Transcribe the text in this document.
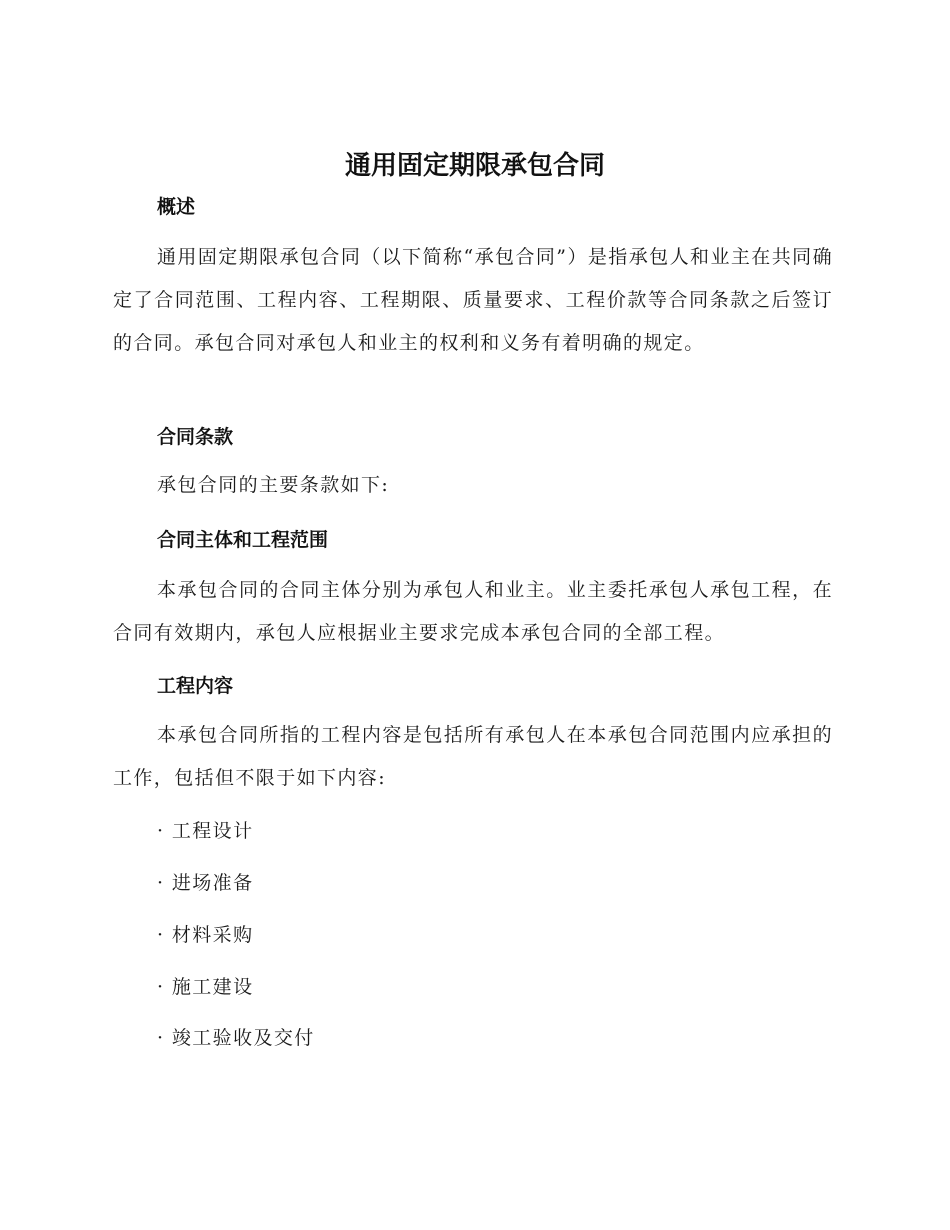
通用固定期限承包合同
概述

通用固定期限承包合同（以下简称“承包合同”）是指承包人和业主在共同确定了合同范围、工程内容、工程期限、质量要求、工程价款等合同条款之后签订的合同。承包合同对承包人和业主的权利和义务有着明确的规定。

合同条款

承包合同的主要条款如下:

合同主体和工程范围

本承包合同的合同主体分别为承包人和业主。业主委托承包人承包工程，在合同有效期内，承包人应根据业主要求完成本承包合同的全部工程。

工程内容

本承包合同所指的工程内容是包括所有承包人在本承包合同范围内应承担的工作，包括但不限于如下内容:

· 工程设计
· 进场准备
· 材料采购
· 施工建设
· 竣工验收及交付
